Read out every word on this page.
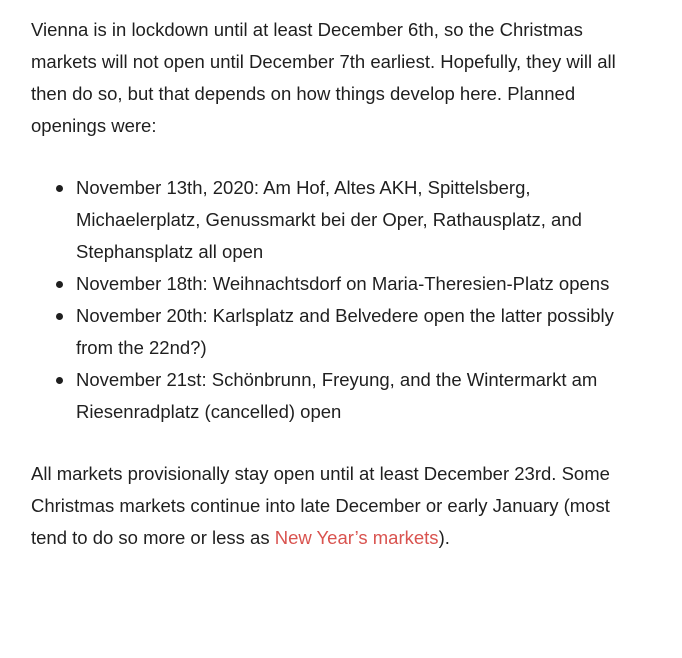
Vienna is in lockdown until at least December 6th, so the Christmas markets will not open until December 7th earliest. Hopefully, they will all then do so, but that depends on how things develop here. Planned openings were:

November 13th, 2020: Am Hof, Altes AKH, Spittelsberg, Michaelerplatz, Genussmarkt bei der Oper, Rathausplatz, and Stephansplatz all open
November 18th: Weihnachtsdorf on Maria-Theresien-Platz opens
November 20th: Karlsplatz and Belvedere open the latter possibly from the 22nd?)
November 21st: Schönbrunn, Freyung, and the Wintermarkt am Riesenradplatz (cancelled) open

All markets provisionally stay open until at least December 23rd. Some Christmas markets continue into late December or early January (most tend to do so more or less as New Year’s markets).
